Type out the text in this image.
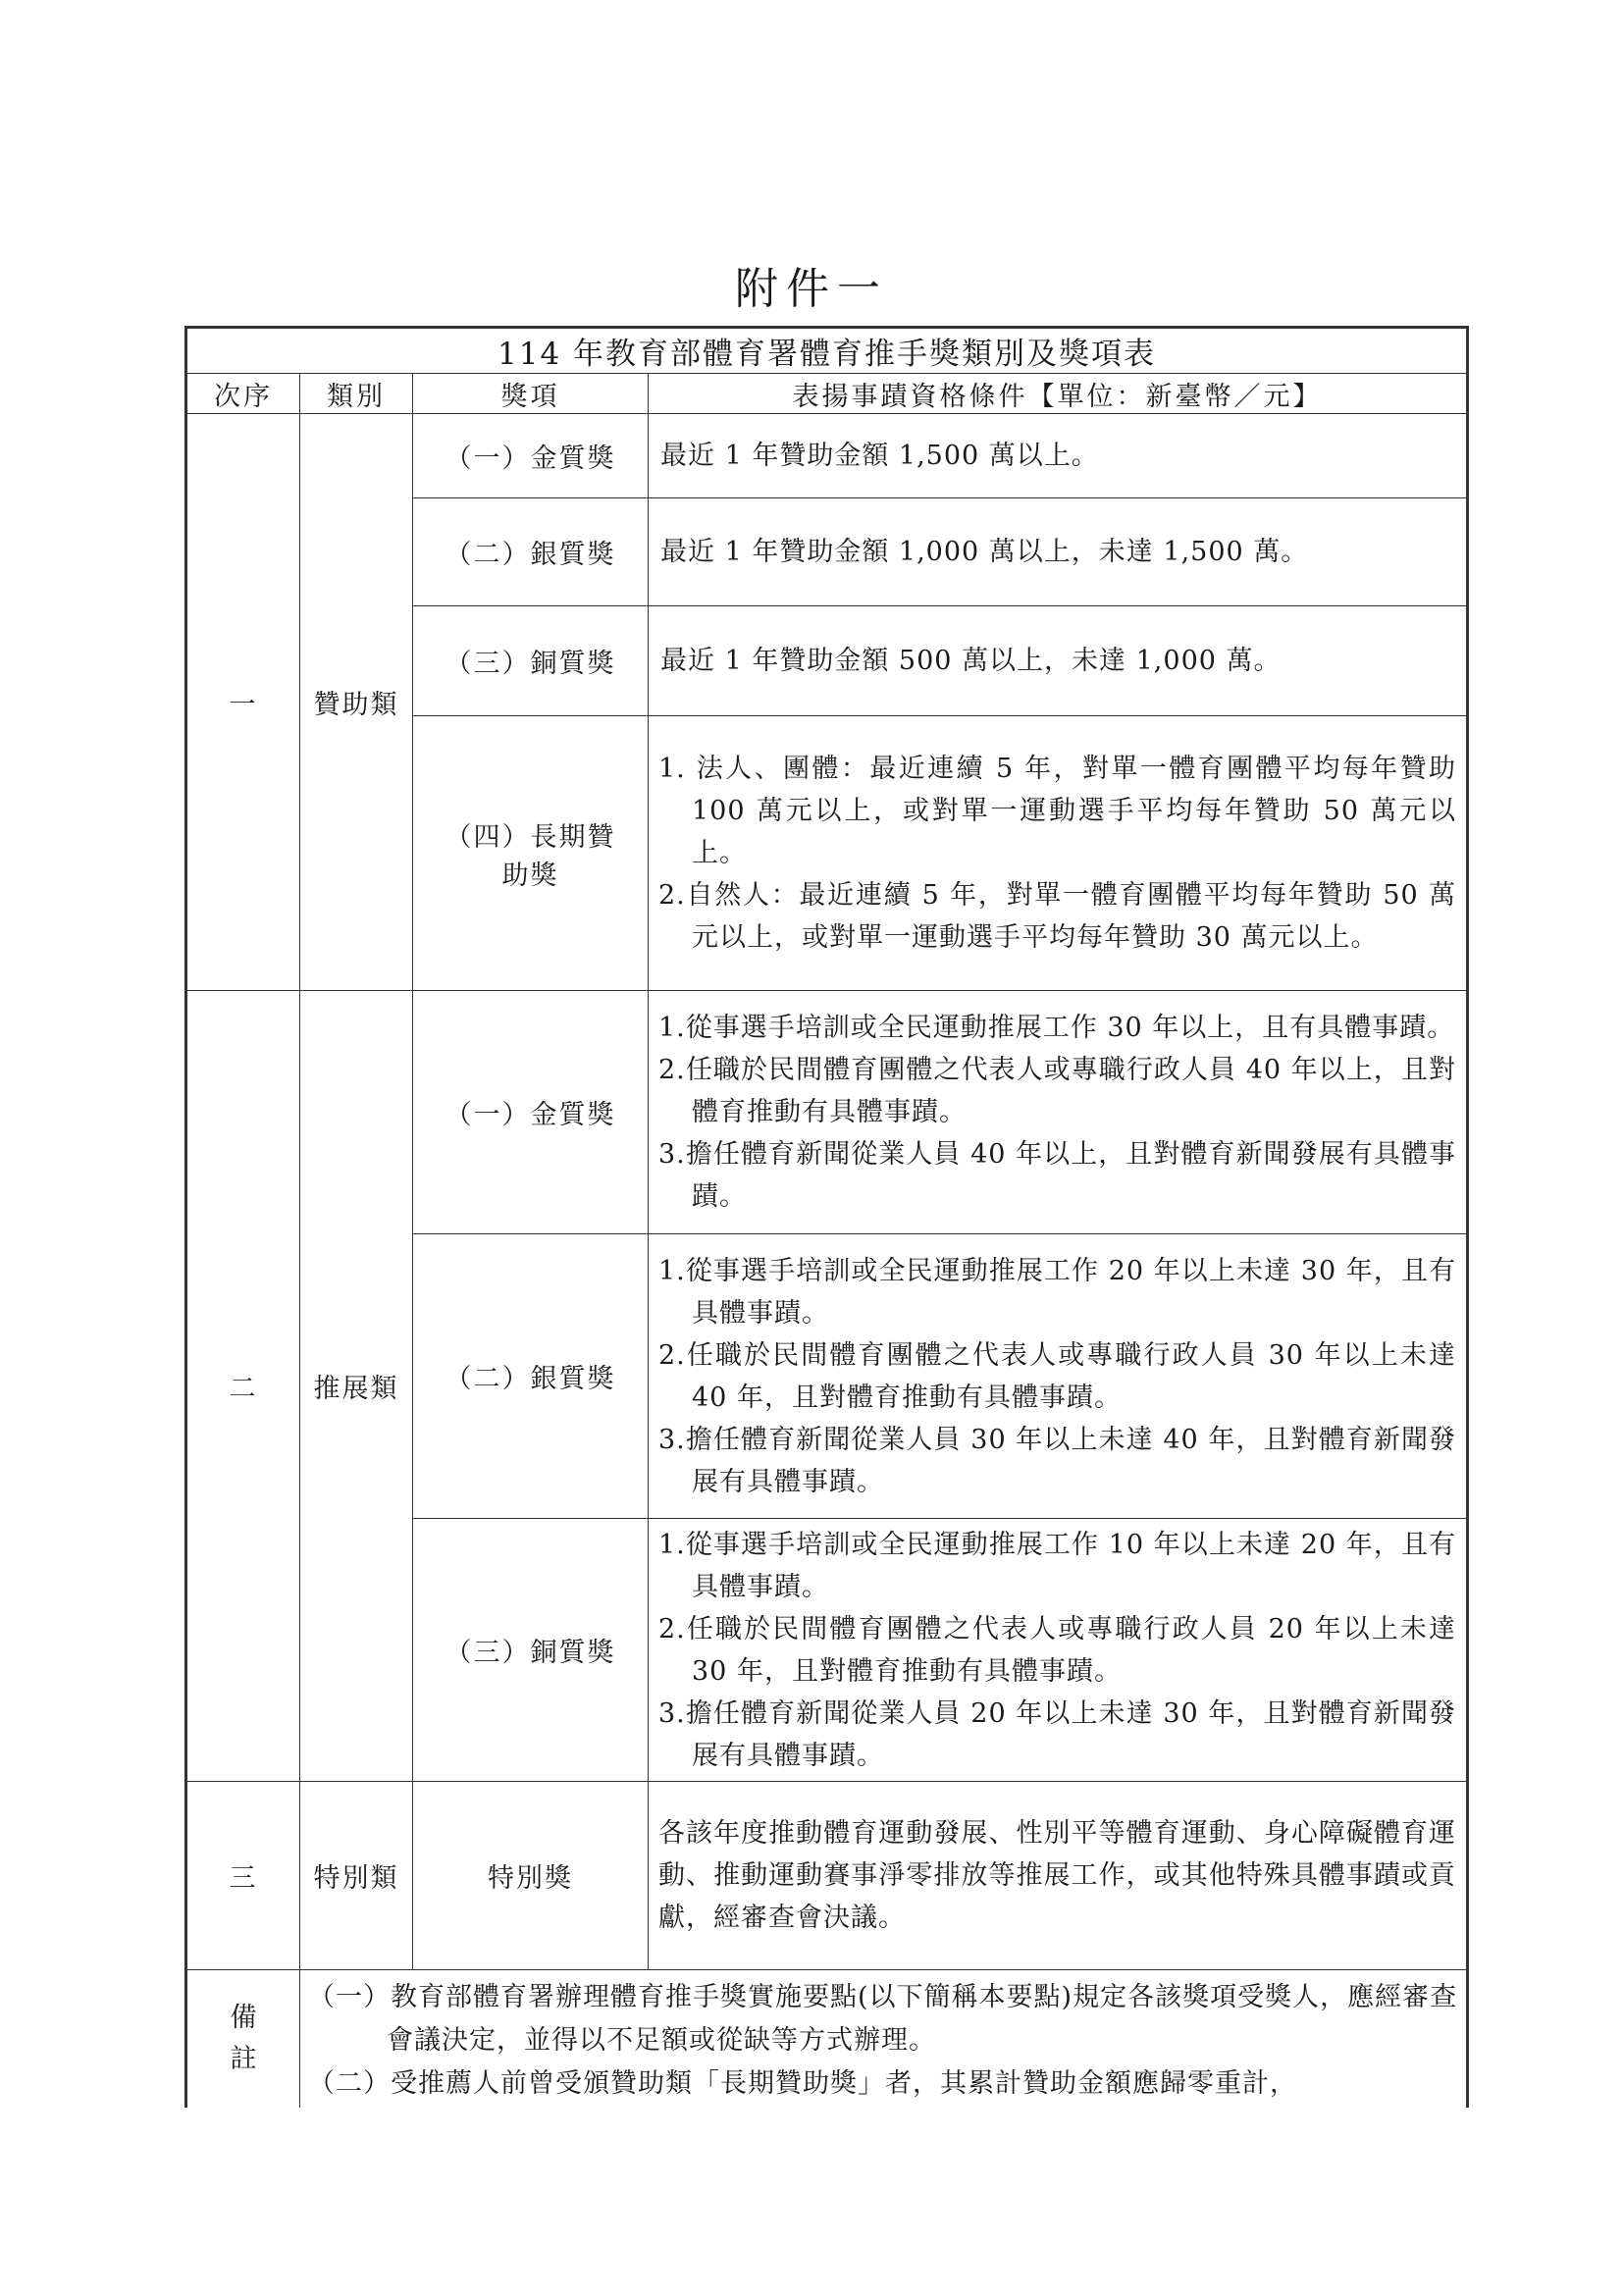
附件一
114 年教育部體育署體育推手獎類別及獎項表			
次序	類別	獎項	表揚事蹟資格條件【單位：新臺幣／元】
一	贊助類	（一）金質獎	最近 1 年贊助金額 1,500 萬以上。
		（二）銀質獎	最近 1 年贊助金額 1,000 萬以上，未達 1,500 萬。
		（三）銅質獎	最近 1 年贊助金額 500 萬以上，未達 1,000 萬。
		（四）長期贊助獎	1. 法人、團體：最近連續 5 年，對單一體育團體平均每年贊助 100 萬元以上，或對單一運動選手平均每年贊助 50 萬元以上。
2.自然人：最近連續 5 年，對單一體育團體平均每年贊助 50 萬元以上，或對單一運動選手平均每年贊助 30 萬元以上。

二	推展類	（一）金質獎	1.從事選手培訓或全民運動推展工作 30 年以上，且有具體事蹟。
2.任職於民間體育團體之代表人或專職行政人員 40 年以上，且對體育推動有具體事蹟。
3.擔任體育新聞從業人員 40 年以上，且對體育新聞發展有具體事蹟。

		（二）銀質獎	1.從事選手培訓或全民運動推展工作 20 年以上未達 30 年，且有具體事蹟。
2.任職於民間體育團體之代表人或專職行政人員 30 年以上未達 40 年，且對體育推動有具體事蹟。
3.擔任體育新聞從業人員 30 年以上未達 40 年，且對體育新聞發展有具體事蹟。

		（三）銅質獎	1.從事選手培訓或全民運動推展工作 10 年以上未達 20 年，且有具體事蹟。
2.任職於民間體育團體之代表人或專職行政人員 20 年以上未達 30 年，且對體育推動有具體事蹟。
3.擔任體育新聞從業人員 20 年以上未達 30 年，且對體育新聞發展有具體事蹟。

三	特別類	特別獎	各該年度推動體育運動發展、性別平等體育運動、身心障礙體育運動、推動運動賽事淨零排放等推展工作，或其他特殊具體事蹟或貢獻，經審查會決議。
備註	（一）教育部體育署辦理體育推手獎實施要點(以下簡稱本要點)規定各該獎項受獎人，應經審查會議決定，並得以不足額或從缺等方式辦理。
（二）受推薦人前曾受頒贊助類「長期贊助獎」者，其累計贊助金額應歸零重計，		
